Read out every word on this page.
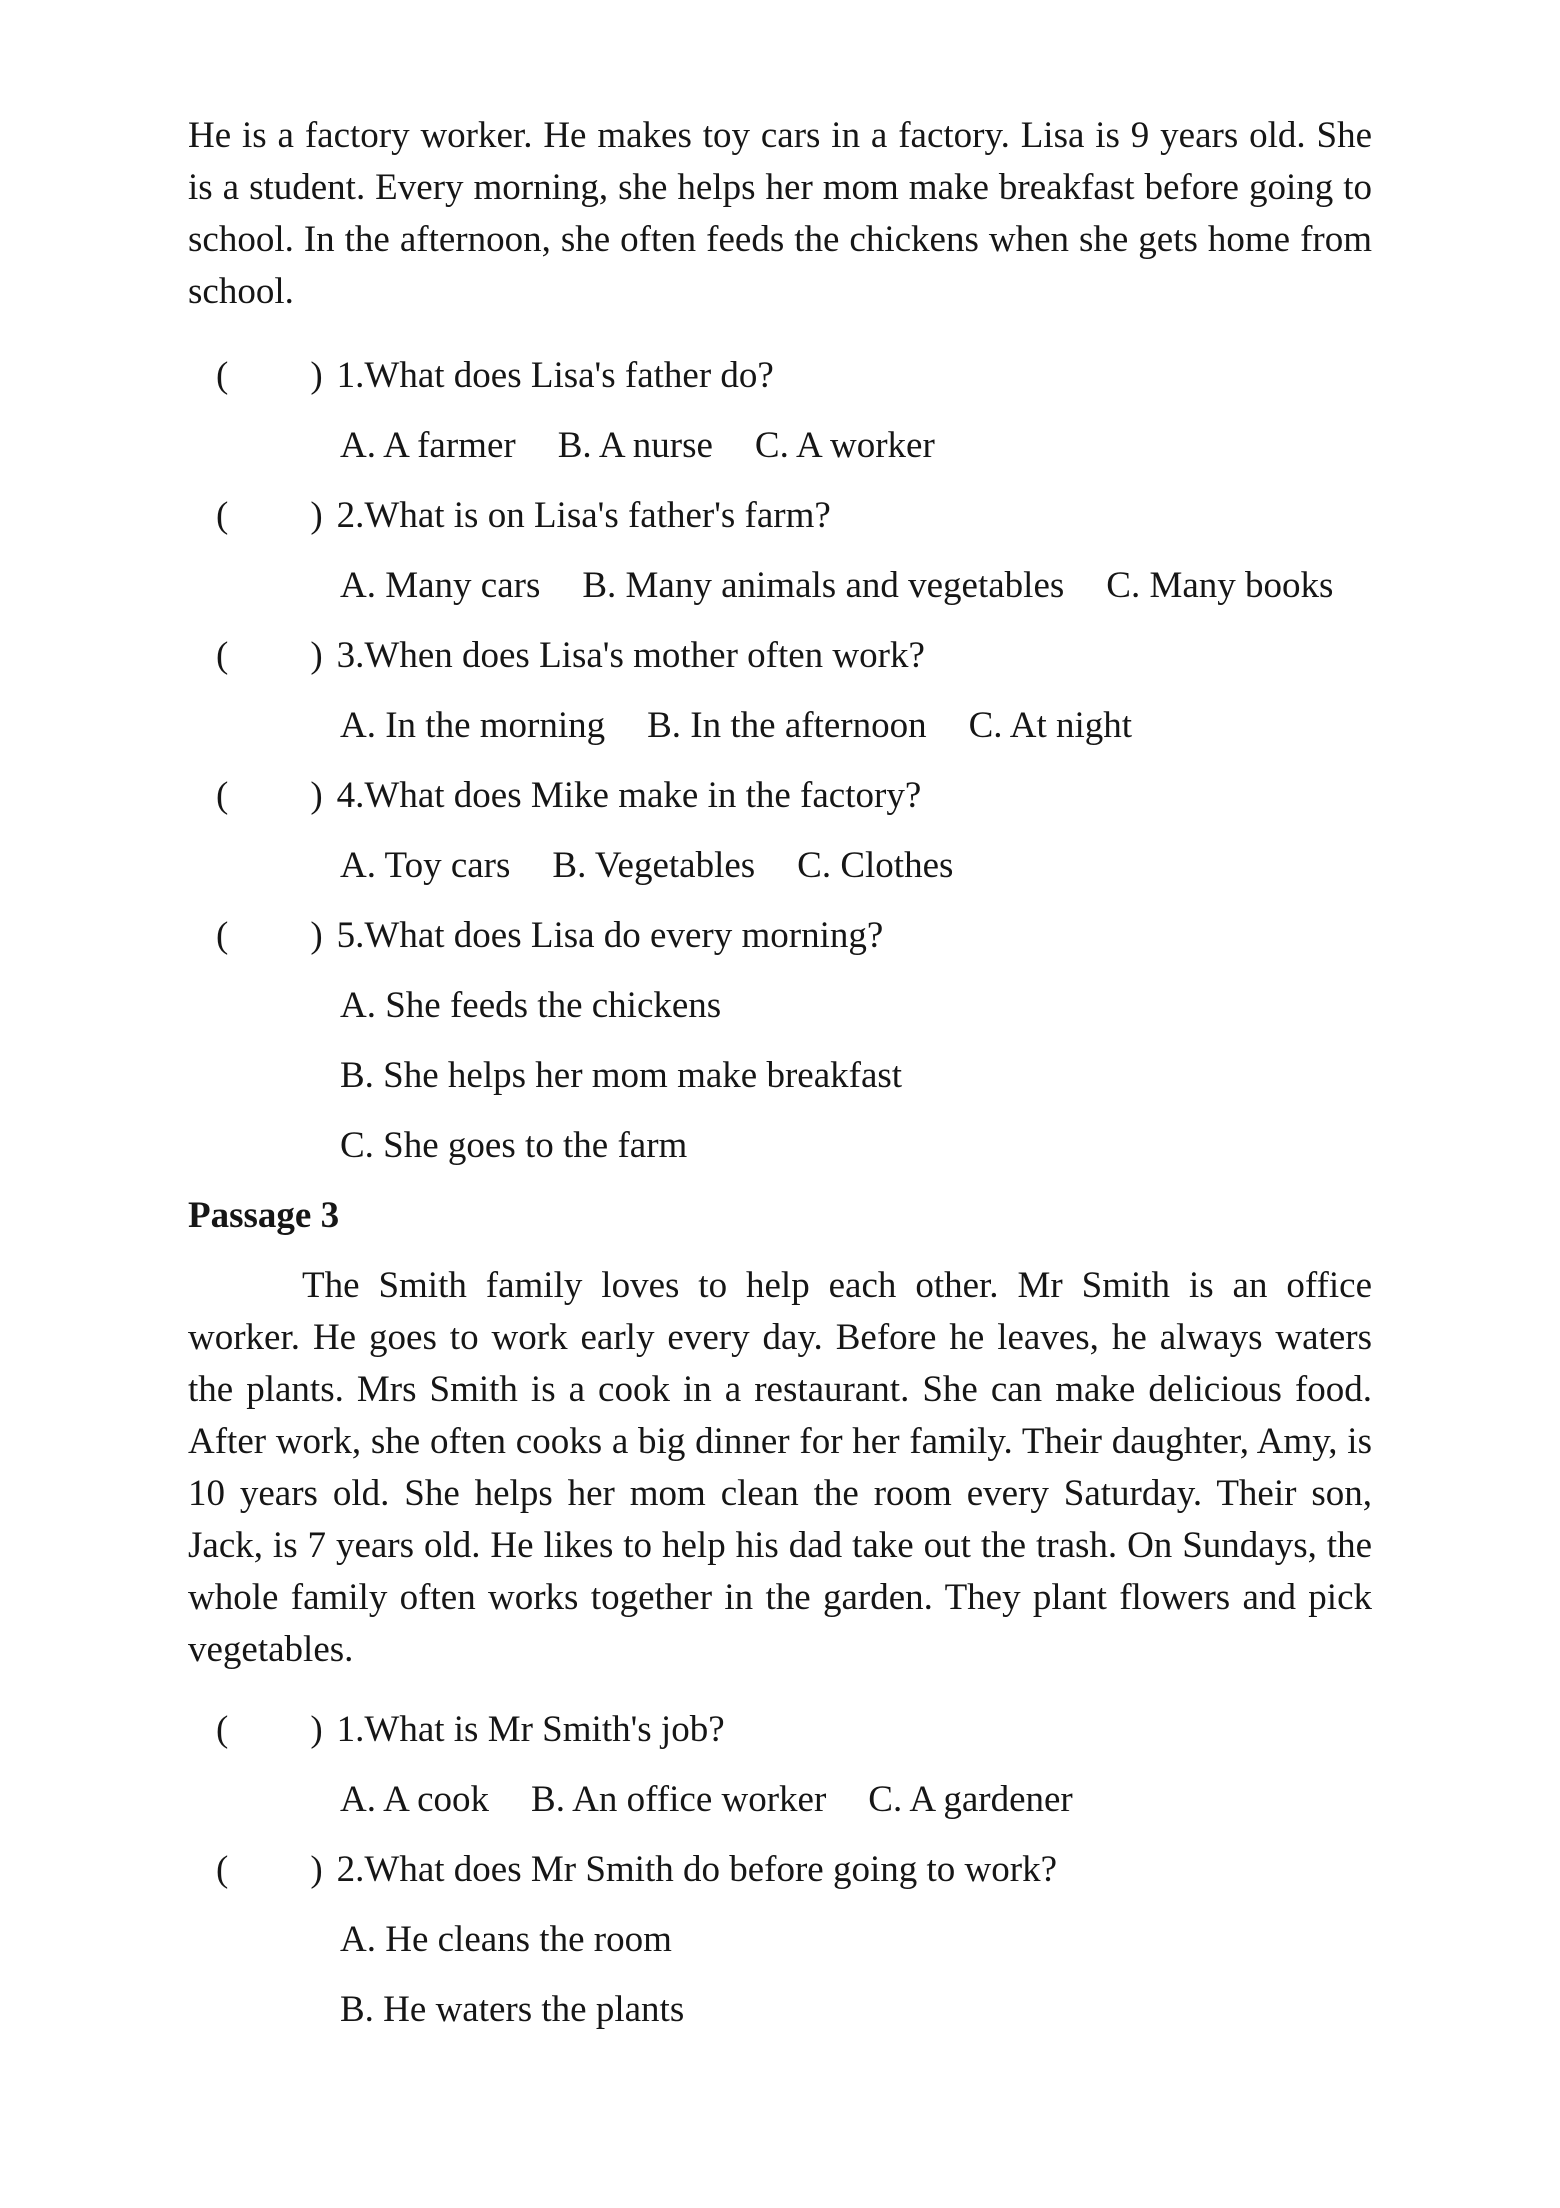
He is a factory worker. He makes toy cars in a factory. Lisa is 9 years old. She is a student. Every morning, she helps her mom make breakfast before going to school. In the afternoon, she often feeds the chickens when she gets home from school.
( ) 1.What does Lisa's father do?
A. A farmer B. A nurse C. A worker
( ) 2.What is on Lisa's father's farm?
A. Many cars B. Many animals and vegetables C. Many books
( ) 3.When does Lisa's mother often work?
A. In the morning B. In the afternoon C. At night
( ) 4.What does Mike make in the factory?
A. Toy cars B. Vegetables C. Clothes
( ) 5.What does Lisa do every morning?
A. She feeds the chickens
B. She helps her mom make breakfast
C. She goes to the farm
Passage 3
The Smith family loves to help each other. Mr Smith is an office worker. He goes to work early every day. Before he leaves, he always waters the plants. Mrs Smith is a cook in a restaurant. She can make delicious food. After work, she often cooks a big dinner for her family. Their daughter, Amy, is 10 years old. She helps her mom clean the room every Saturday. Their son, Jack, is 7 years old. He likes to help his dad take out the trash. On Sundays, the whole family often works together in the garden. They plant flowers and pick vegetables.
( ) 1.What is Mr Smith's job?
A. A cook B. An office worker C. A gardener
( ) 2.What does Mr Smith do before going to work?
A. He cleans the room
B. He waters the plants
